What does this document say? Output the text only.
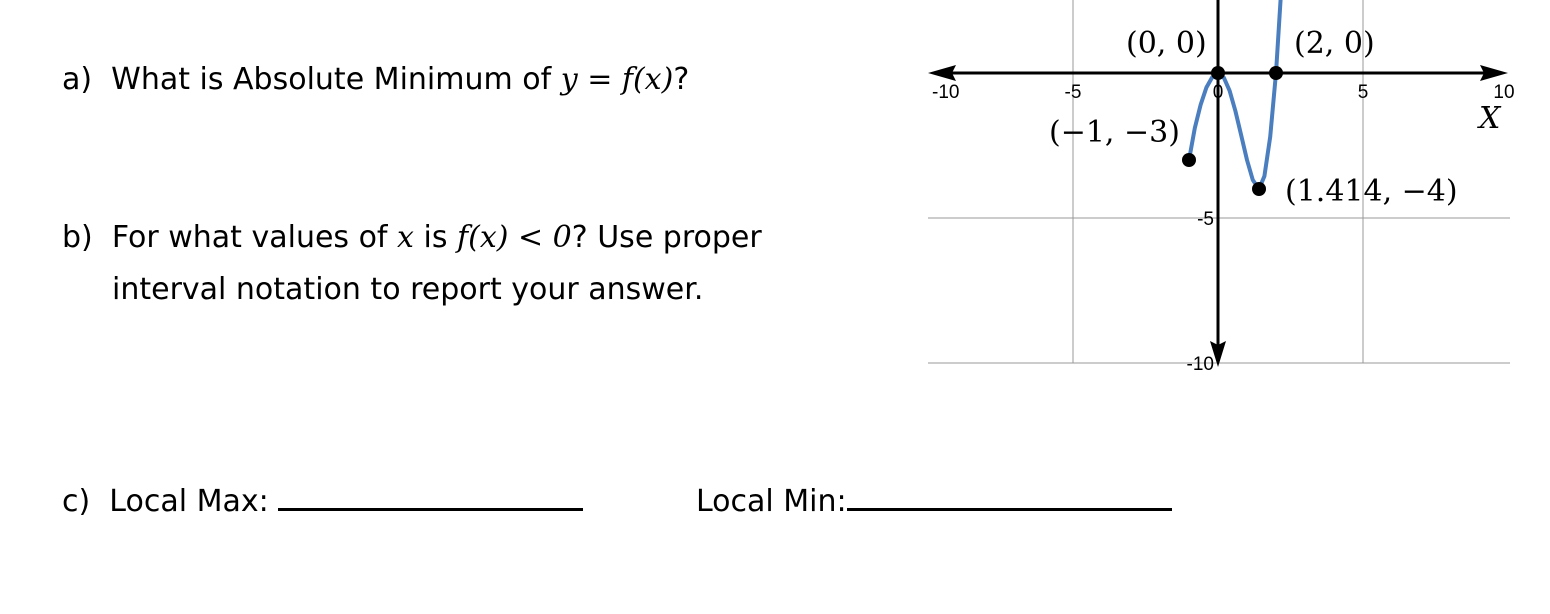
a) What is Absolute Minimum of y = f(x)?
b) For what values of x is f(x) < 0? Use proper
interval notation to report your answer.
c) Local Max:	Local Min:
X
-10	-5	0	5	10
-5
-10
(0, 0)	(2, 0)
(−1, −3)
(1.414, −4)
